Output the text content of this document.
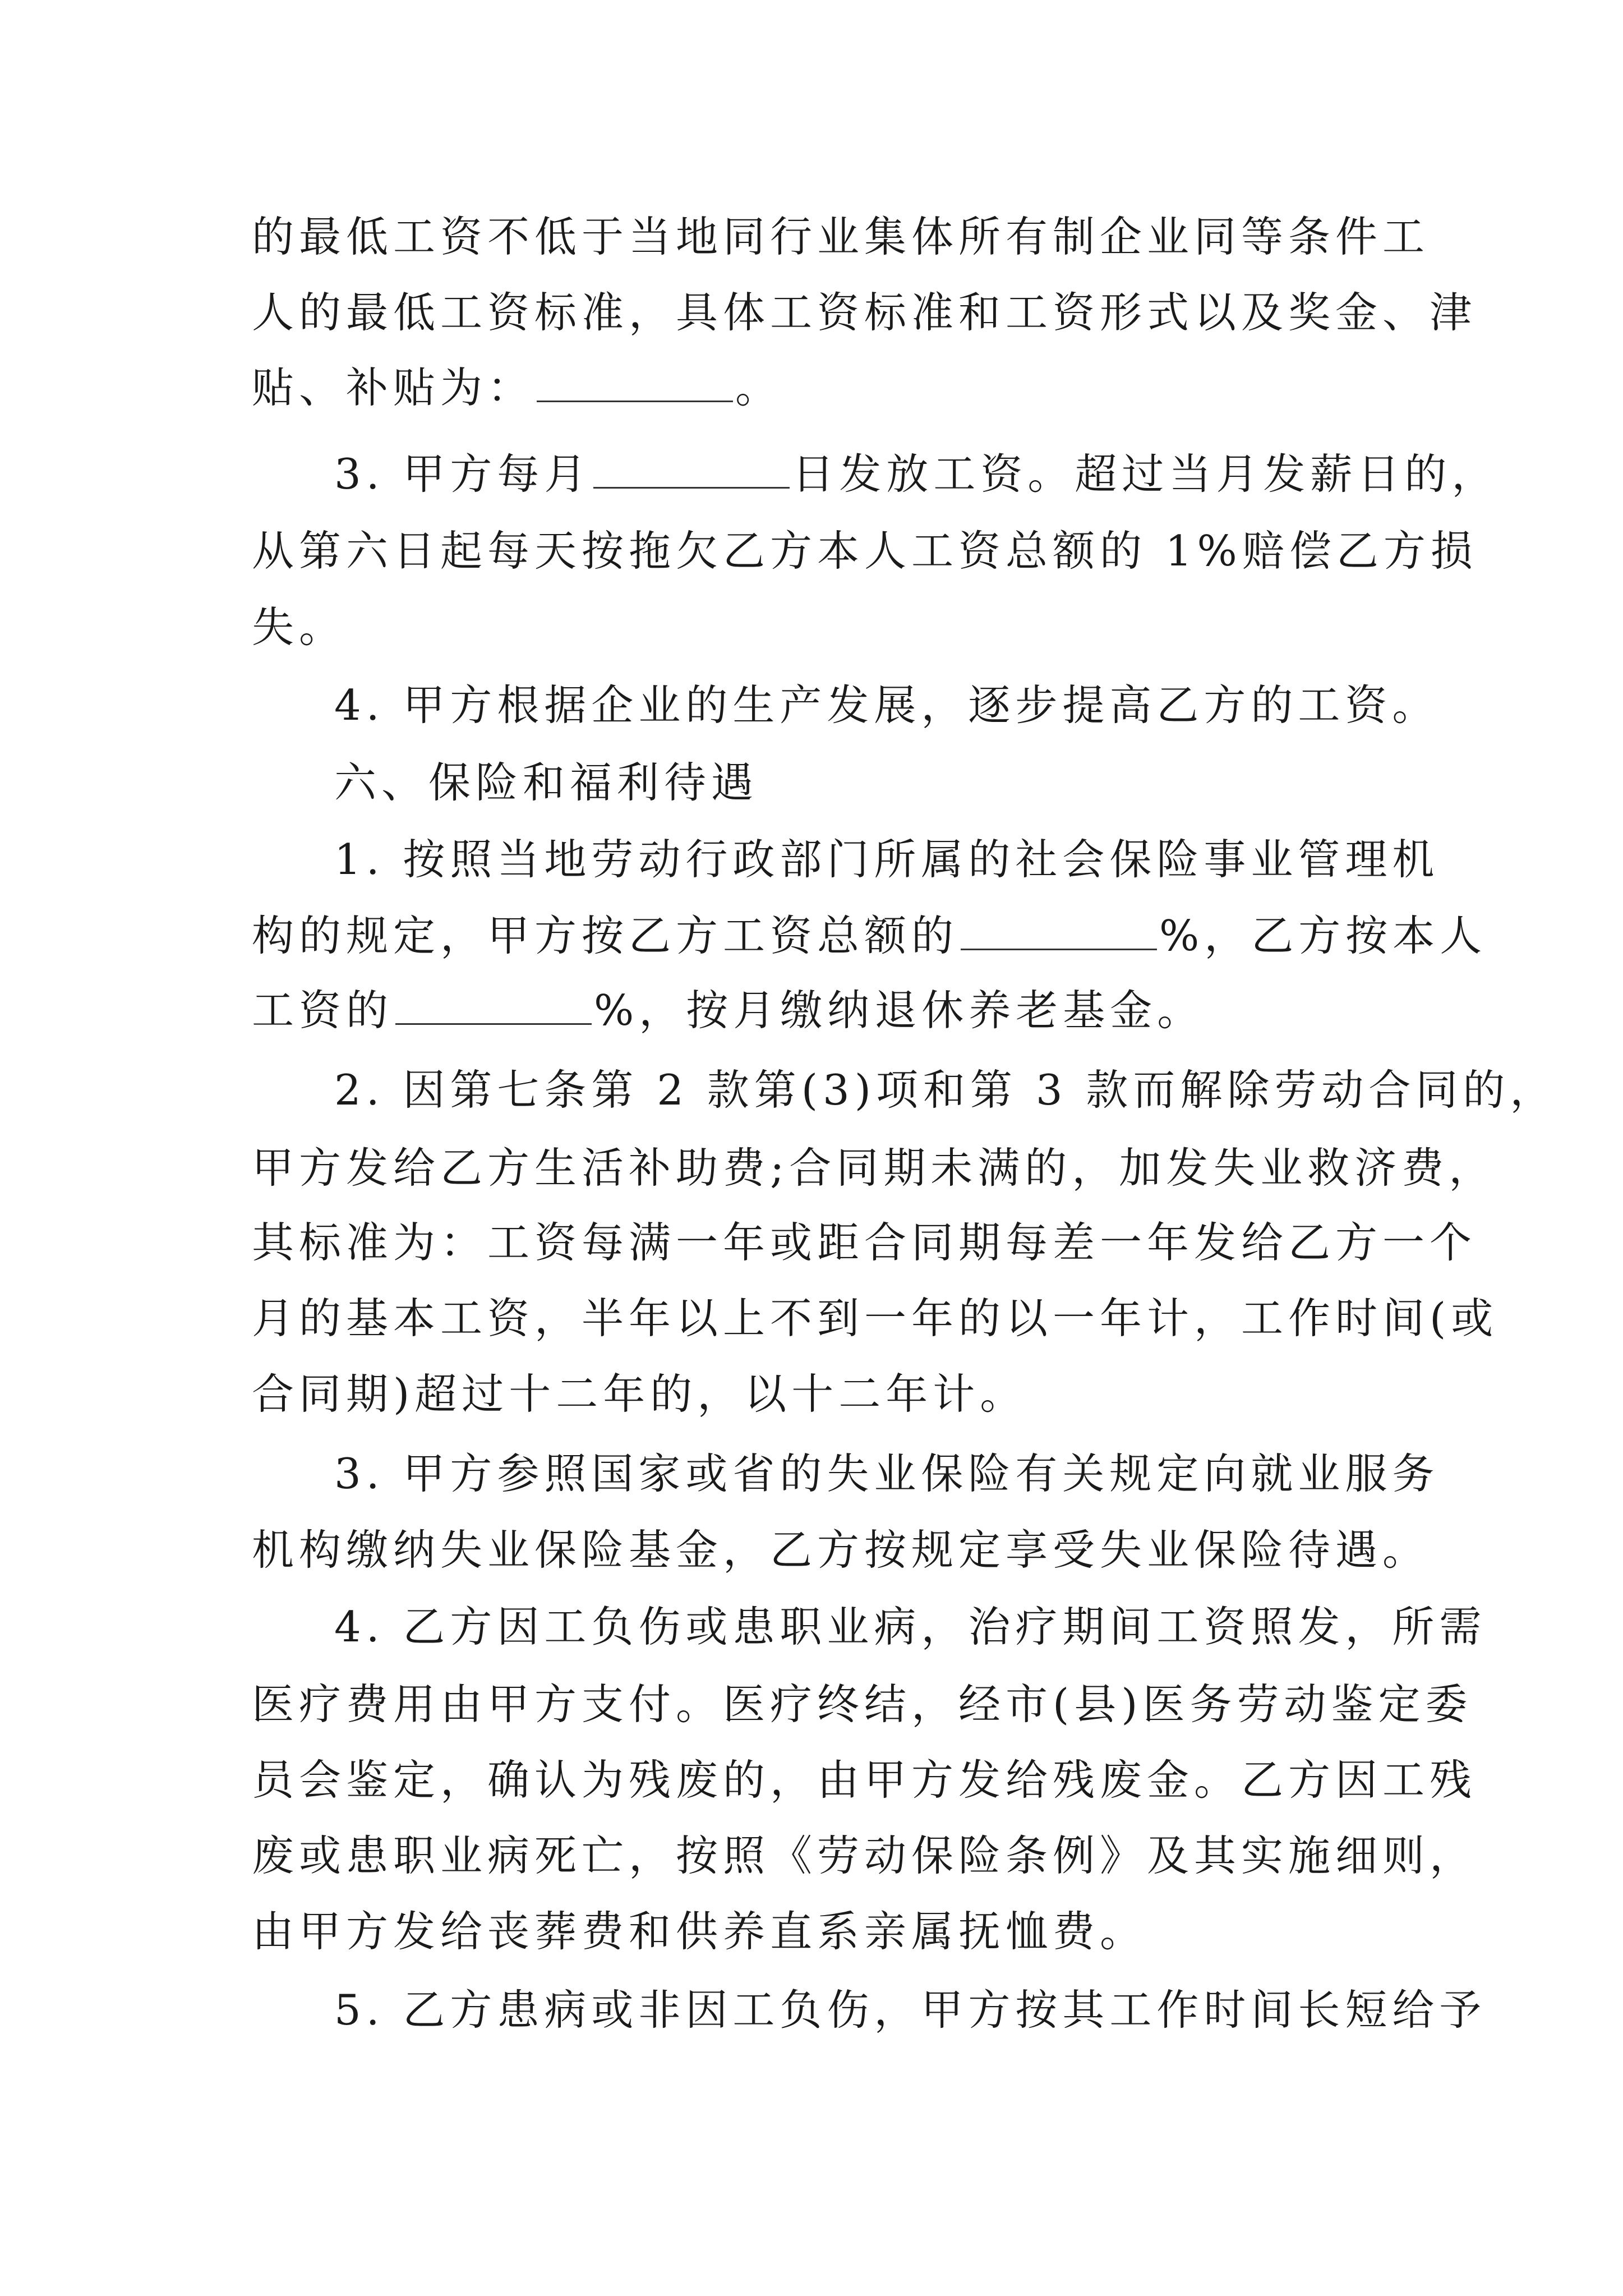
的最低工资不低于当地同行业集体所有制企业同等条件工
人的最低工资标准，具体工资标准和工资形式以及奖金、津
贴、补贴为：	。
3. 甲方每月	日发放工资。超过当月发薪日的，
从第六日起每天按拖欠乙方本人工资总额的 1%赔偿乙方损
失。
4. 甲方根据企业的生产发展，逐步提高乙方的工资。
六、保险和福利待遇
1. 按照当地劳动行政部门所属的社会保险事业管理机
构的规定，甲方按乙方工资总额的	%，乙方按本人
工资的	%，按月缴纳退休养老基金。
2. 因第七条第 2 款第(3)项和第 3 款而解除劳动合同的，
甲方发给乙方生活补助费;合同期未满的，加发失业救济费，
其标准为：工资每满一年或距合同期每差一年发给乙方一个
月的基本工资，半年以上不到一年的以一年计，工作时间(或
合同期)超过十二年的，以十二年计。
3. 甲方参照国家或省的失业保险有关规定向就业服务
机构缴纳失业保险基金，乙方按规定享受失业保险待遇。
4. 乙方因工负伤或患职业病，治疗期间工资照发，所需
医疗费用由甲方支付。医疗终结，经市(县)医务劳动鉴定委
员会鉴定，确认为残废的，由甲方发给残废金。乙方因工残
废或患职业病死亡，按照《劳动保险条例》及其实施细则，
由甲方发给丧葬费和供养直系亲属抚恤费。
5. 乙方患病或非因工负伤，甲方按其工作时间长短给予
